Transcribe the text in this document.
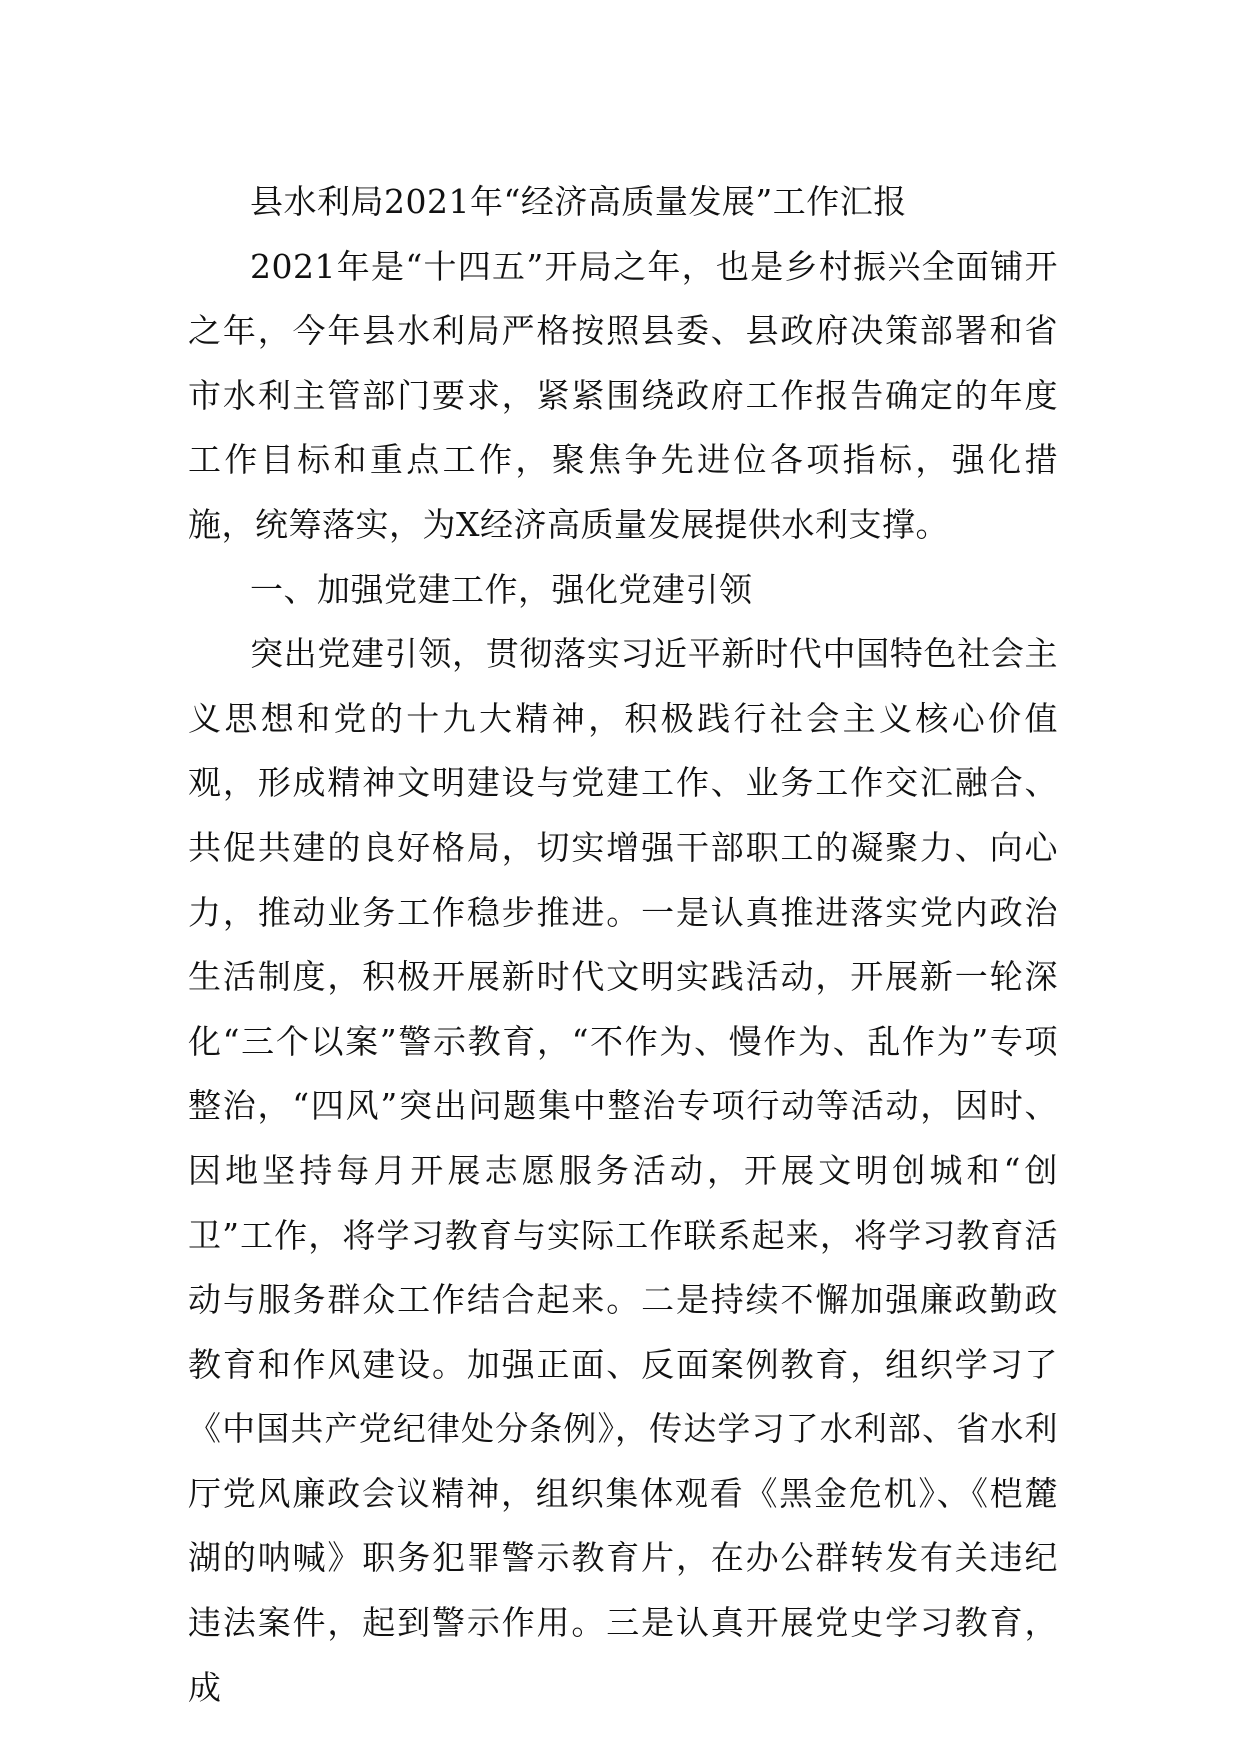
县水利局2021年“经济高质量发展”工作汇报

2021年是“十四五”开局之年，也是乡村振兴全面铺开之年，今年县水利局严格按照县委、县政府决策部署和省市水利主管部门要求，紧紧围绕政府工作报告确定的年度工作目标和重点工作，聚焦争先进位各项指标，强化措施，统筹落实，为X经济高质量发展提供水利支撑。

一、加强党建工作，强化党建引领

突出党建引领，贯彻落实习近平新时代中国特色社会主义思想和党的十九大精神，积极践行社会主义核心价值观，形成精神文明建设与党建工作、业务工作交汇融合、共促共建的良好格局，切实增强干部职工的凝聚力、向心力，推动业务工作稳步推进。一是认真推进落实党内政治生活制度，积极开展新时代文明实践活动，开展新一轮深化“三个以案”警示教育，“不作为、慢作为、乱作为”专项整治，“四风”突出问题集中整治专项行动等活动，因时、因地坚持每月开展志愿服务活动，开展文明创城和“创卫”工作，将学习教育与实际工作联系起来，将学习教育活动与服务群众工作结合起来。二是持续不懈加强廉政勤政教育和作风建设。加强正面、反面案例教育，组织学习了《中国共产党纪律处分条例》，传达学习了水利部、省水利厅党风廉政会议精神，组织集体观看《黑金危机》、《桤麓湖的呐喊》职务犯罪警示教育片，在办公群转发有关违纪违法案件，起到警示作用。三是认真开展党史学习教育，成
